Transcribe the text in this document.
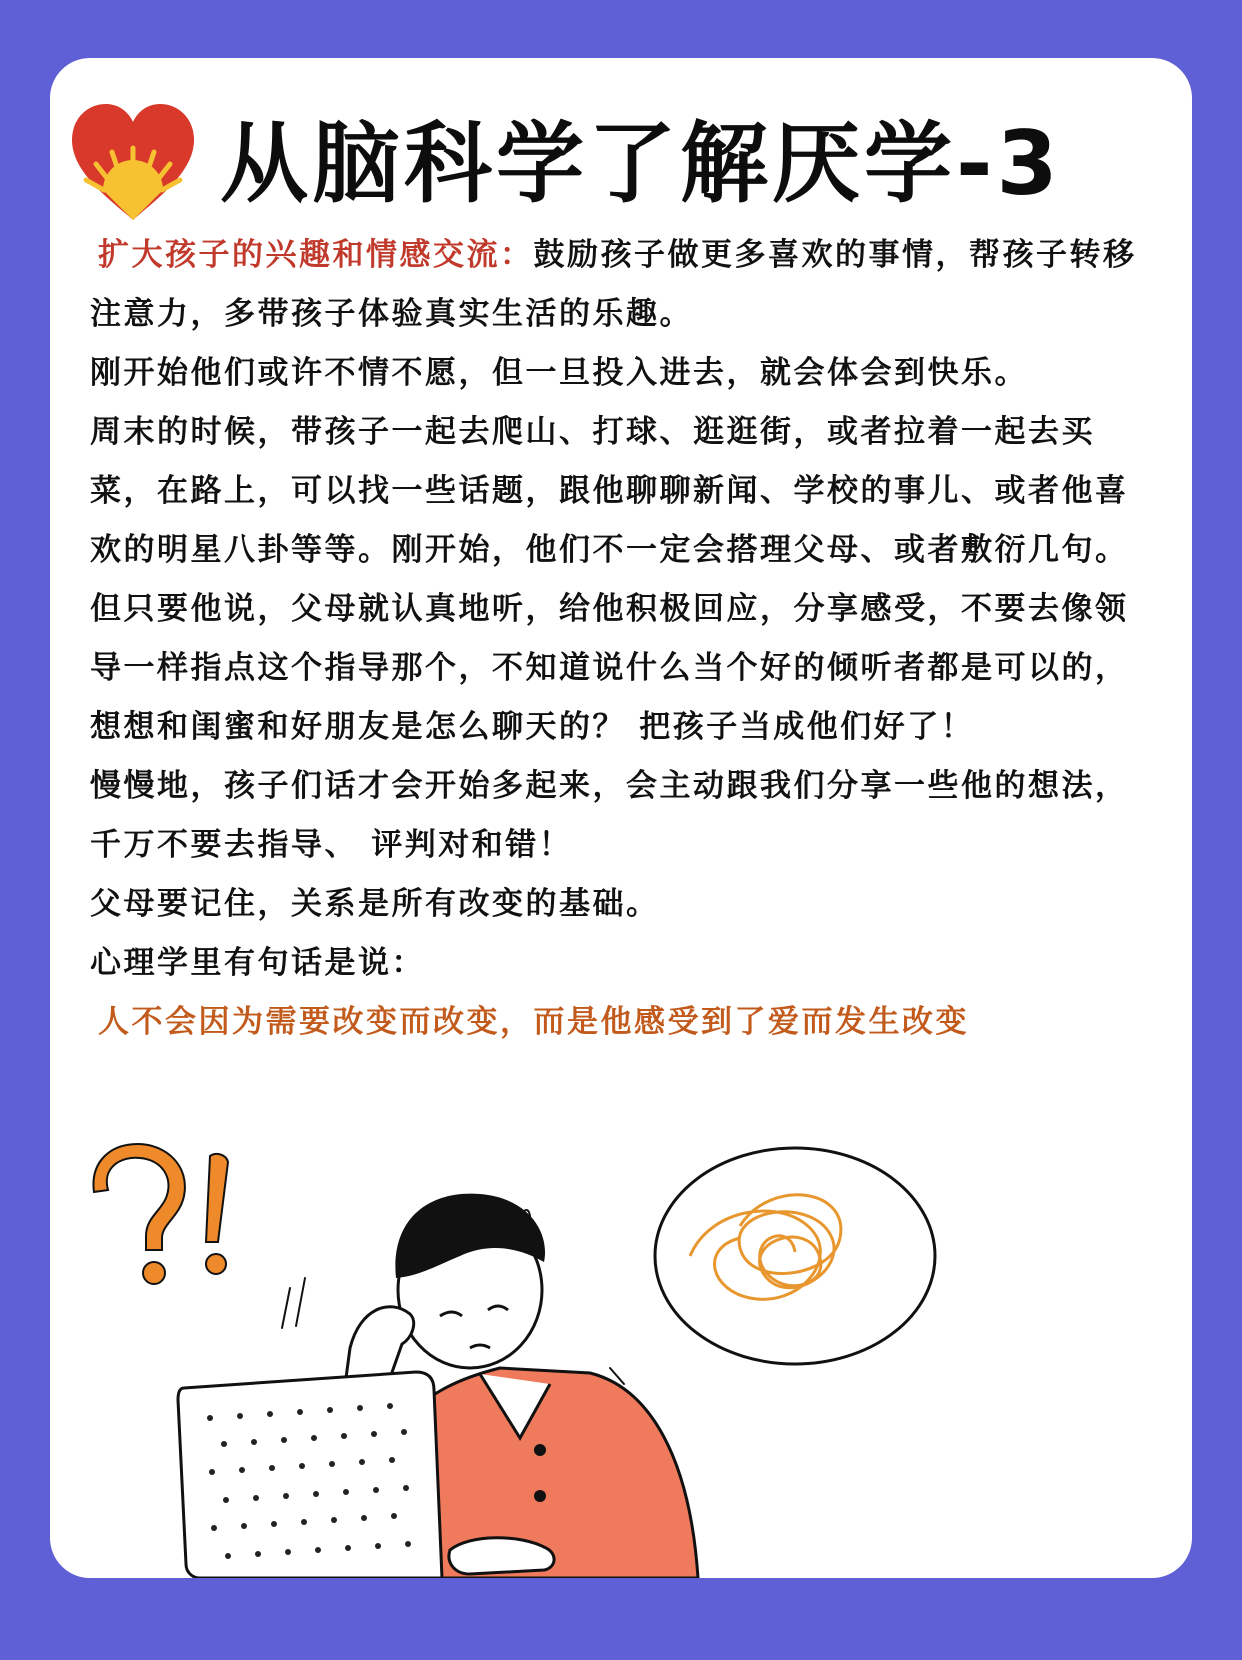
从脑科学了解厌学-3

扩大孩子的兴趣和情感交流：鼓励孩子做更多喜欢的事情，帮孩子转移注意力，多带孩子体验真实生活的乐趣。

刚开始他们或许不情不愿，但一旦投入进去，就会体会到快乐。

周末的时候，带孩子一起去爬山、打球、逛逛街，或者拉着一起去买菜，在路上，可以找一些话题，跟他聊聊新闻、学校的事儿、或者他喜欢的明星八卦等等。刚开始，他们不一定会搭理父母、或者敷衍几句。但只要他说，父母就认真地听，给他积极回应，分享感受，不要去像领导一样指点这个指导那个，不知道说什么当个好的倾听者都是可以的，想想和闺蜜和好朋友是怎么聊天的？ 把孩子当成他们好了！

慢慢地，孩子们话才会开始多起来，会主动跟我们分享一些他的想法，千万不要去指导、 评判对和错！

父母要记住，关系是所有改变的基础。

心理学里有句话是说：

人不会因为需要改变而改变，而是他感受到了爱而发生改变
